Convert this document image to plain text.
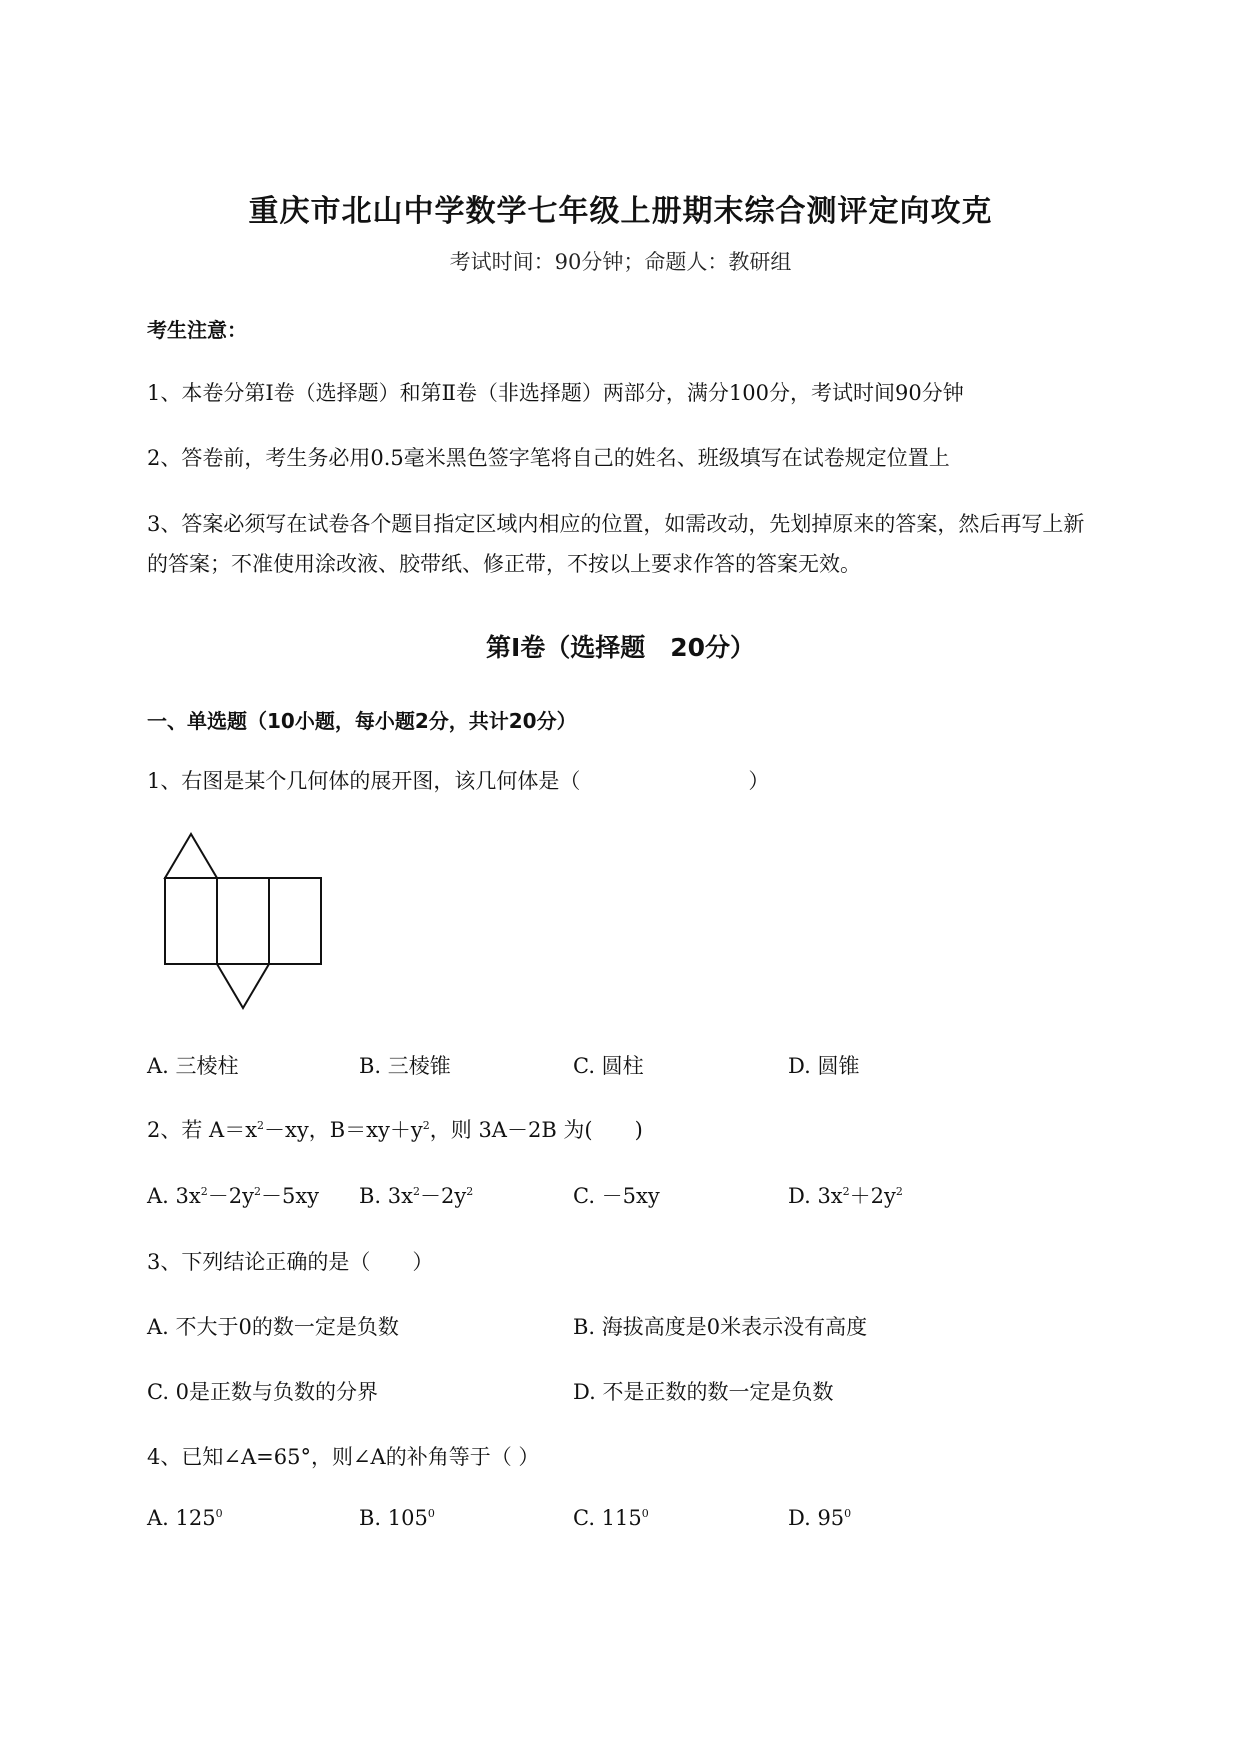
重庆市北山中学数学七年级上册期末综合测评定向攻克
考试时间：90分钟；命题人：教研组
考生注意：
1、本卷分第I卷（选择题）和第Ⅱ卷（非选择题）两部分，满分100分，考试时间90分钟
2、答卷前，考生务必用0.5毫米黑色签字笔将自己的姓名、班级填写在试卷规定位置上
3、答案必须写在试卷各个题目指定区域内相应的位置，如需改动，先划掉原来的答案，然后再写上新
的答案；不准使用涂改液、胶带纸、修正带，不按以上要求作答的答案无效。
第I卷（选择题　20分）
一、单选题（10小题，每小题2分，共计20分）
1、右图是某个几何体的展开图，该几何体是（　　　　　　　　）
A. 三棱柱	B. 三棱锥	C. 圆柱	D. 圆锥
2、若 $A=x^2-xy$，$B=xy+y^2$，则 3A－2B 为(　　)
A. $3x^2-2y^2-5xy$ B. $3x^2-2y^2$	C. －5xy	D. $3x^2+2y^2$
3、下列结论正确的是（　　）
A. 不大于0的数一定是负数	B. 海拔高度是0米表示没有高度
C. 0是正数与负数的分界	D. 不是正数的数一定是负数
4、已知∠A=65°，则∠A的补角等于（ ）
A. $125^0$	B. $105^0$	C. $115^0$	D. $95^0$
